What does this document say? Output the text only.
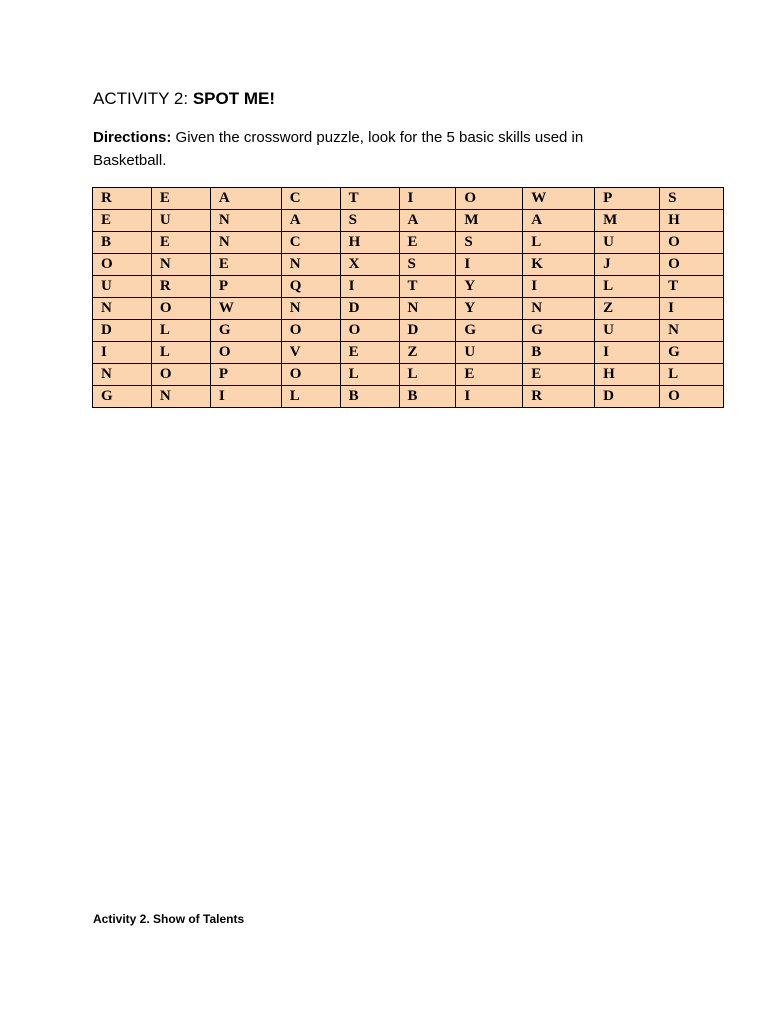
ACTIVITY 2: SPOT ME!

Directions: Given the crossword puzzle, look for the 5 basic skills used in Basketball.

R	E	A	C	T	I	O	W	P	S
E	U	N	A	S	A	M	A	M	H
B	E	N	C	H	E	S	L	U	O
O	N	E	N	X	S	I	K	J	O
U	R	P	Q	I	T	Y	I	L	T
N	O	W	N	D	N	Y	N	Z	I
D	L	G	O	O	D	G	G	U	N
I	L	O	V	E	Z	U	B	I	G
N	O	P	O	L	L	E	E	H	L
G	N	I	L	B	B	I	R	D	O

Activity 2. Show of Talents
